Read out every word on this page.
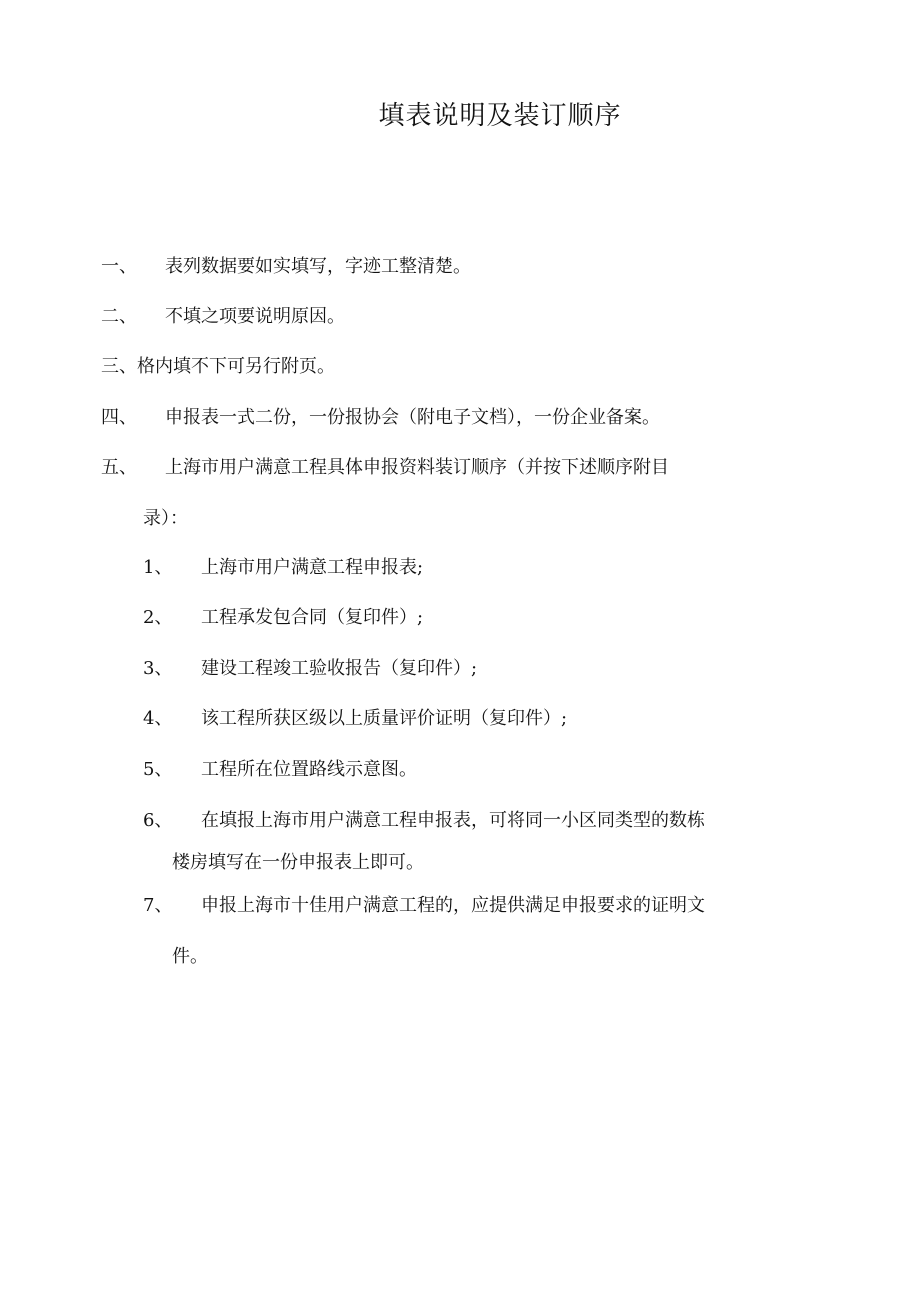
填表说明及装订顺序
一、 表列数据要如实填写，字迹工整清楚。
二、 不填之项要说明原因。
三、格内填不下可另行附页。
四、 申报表一式二份，一份报协会（附电子文档），一份企业备案。
五、 上海市用户满意工程具体申报资料装订顺序（并按下述顺序附目
录）：
1、 上海市用户满意工程申报表;
2、 工程承发包合同（复印件）;
3、 建设工程竣工验收报告（复印件）;
4、 该工程所获区级以上质量评价证明（复印件）;
5、 工程所在位置路线示意图。
6、 在填报上海市用户满意工程申报表，可将同一小区同类型的数栋
楼房填写在一份申报表上即可。
7、 申报上海市十佳用户满意工程的，应提供满足申报要求的证明文
件。
